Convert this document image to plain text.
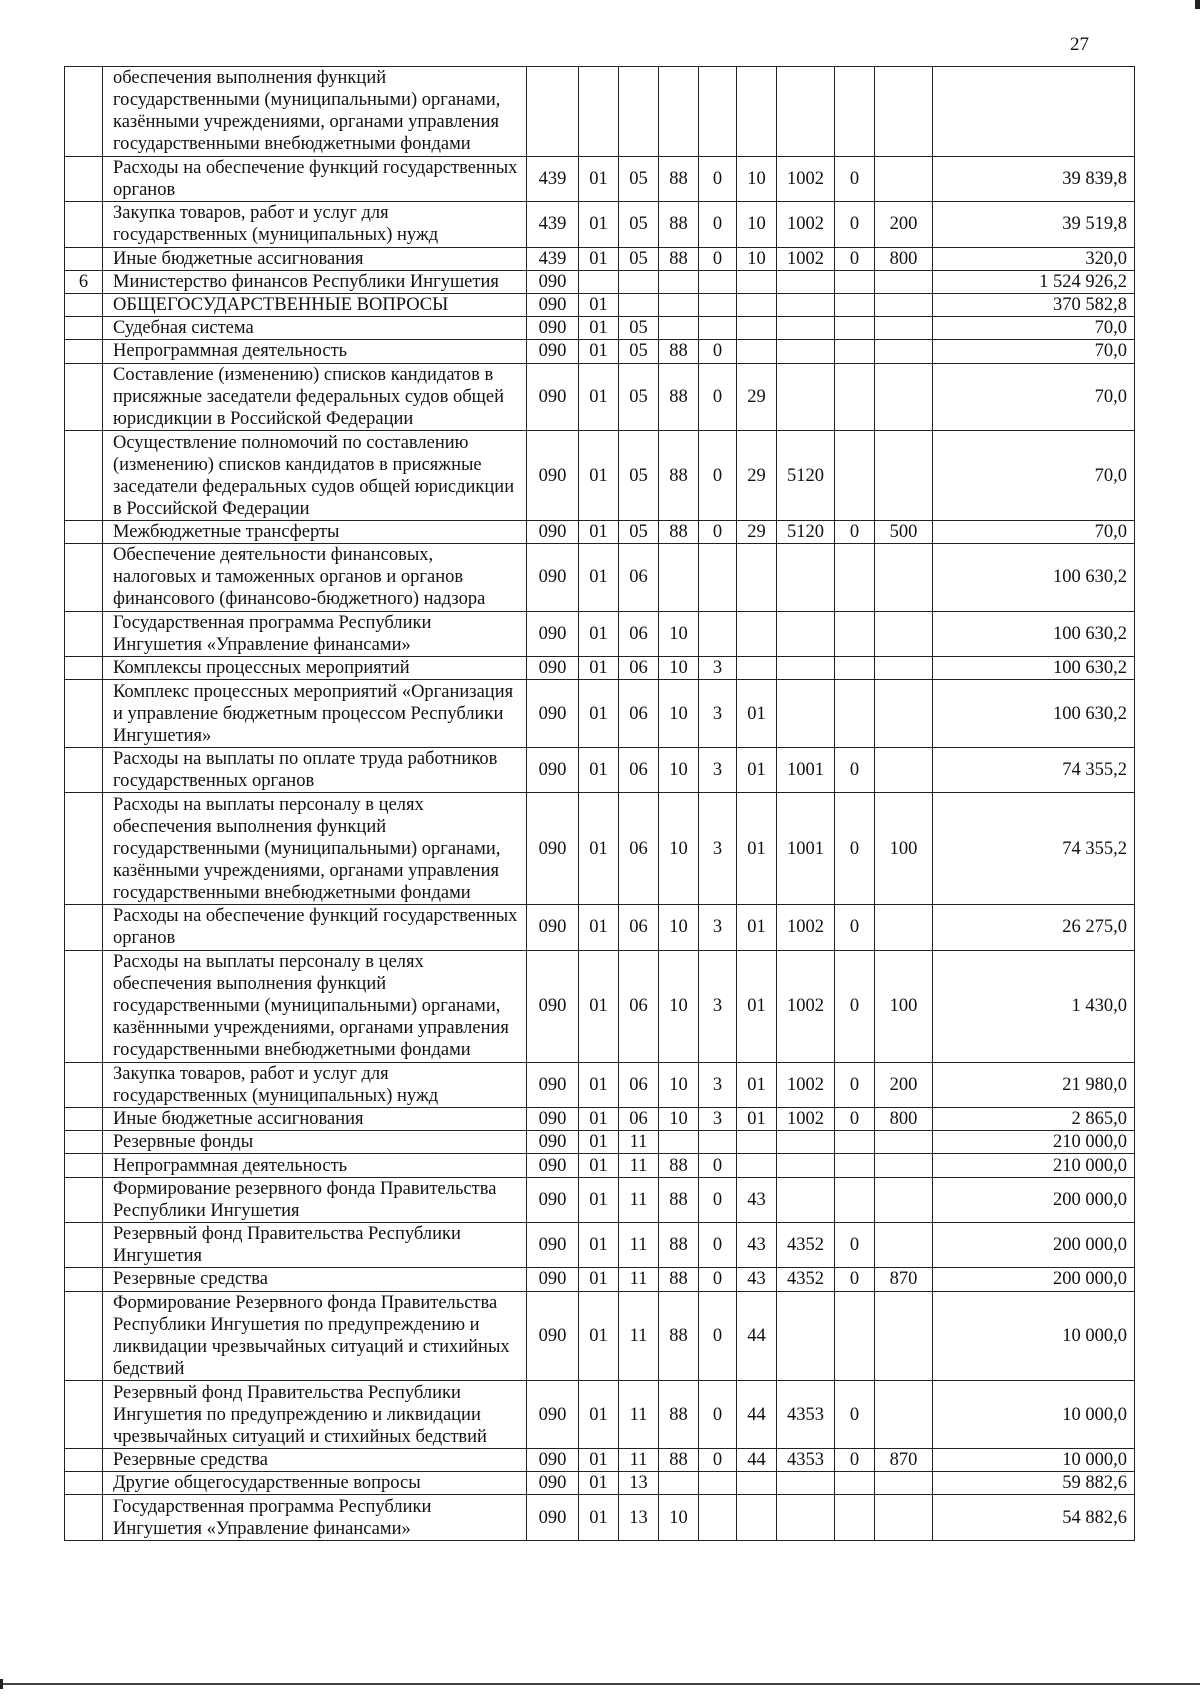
27
	обеспечения выполнения функций государственными (муниципальными) органами, казёнными учреждениями, органами управления государственными внебюджетными фондами										
	Расходы на обеспечение функций государственных органов	439	01	05	88	0	10	1002	0		39 839,8
	Закупка товаров, работ и услуг для государственных (муниципальных) нужд	439	01	05	88	0	10	1002	0	200	39 519,8
	Иные бюджетные ассигнования	439	01	05	88	0	10	1002	0	800	320,0
6	Министерство финансов Республики Ингушетия	090									1 524 926,2
	ОБЩЕГОСУДАРСТВЕННЫЕ ВОПРОСЫ	090	01								370 582,8
	Судебная система	090	01	05							70,0
	Непрограммная деятельность	090	01	05	88	0					70,0
	Составление (изменению) списков кандидатов в присяжные заседатели федеральных судов общей юрисдикции в Российской Федерации	090	01	05	88	0	29				70,0
	Осуществление полномочий по составлению (изменению) списков кандидатов в присяжные заседатели федеральных судов общей юрисдикции в Российской Федерации	090	01	05	88	0	29	5120			70,0
	Межбюджетные трансферты	090	01	05	88	0	29	5120	0	500	70,0
	Обеспечение деятельности финансовых, налоговых и таможенных органов и органов финансового (финансово-бюджетного) надзора	090	01	06							100 630,2
	Государственная программа Республики Ингушетия «Управление финансами»	090	01	06	10						100 630,2
	Комплексы процессных мероприятий	090	01	06	10	3					100 630,2
	Комплекс процессных мероприятий «Организация и управление бюджетным процессом Республики Ингушетия»	090	01	06	10	3	01				100 630,2
	Расходы на выплаты по оплате труда работников государственных органов	090	01	06	10	3	01	1001	0		74 355,2
	Расходы на выплаты персоналу в целях обеспечения выполнения функций государственными (муниципальными) органами, казёнными учреждениями, органами управления государственными внебюджетными фондами	090	01	06	10	3	01	1001	0	100	74 355,2
	Расходы на обеспечение функций государственных органов	090	01	06	10	3	01	1002	0		26 275,0
	Расходы на выплаты персоналу в целях обеспечения выполнения функций государственными (муниципальными) органами, казённными учреждениями, органами управления государственными внебюджетными фондами	090	01	06	10	3	01	1002	0	100	1 430,0
	Закупка товаров, работ и услуг для государственных (муниципальных) нужд	090	01	06	10	3	01	1002	0	200	21 980,0
	Иные бюджетные ассигнования	090	01	06	10	3	01	1002	0	800	2 865,0
	Резервные фонды	090	01	11							210 000,0
	Непрограммная деятельность	090	01	11	88	0					210 000,0
	Формирование резервного фонда Правительства Республики Ингушетия	090	01	11	88	0	43				200 000,0
	Резервный фонд Правительства Республики Ингушетия	090	01	11	88	0	43	4352	0		200 000,0
	Резервные средства	090	01	11	88	0	43	4352	0	870	200 000,0
	Формирование Резервного фонда Правительства Республики Ингушетия по предупреждению и ликвидации чрезвычайных ситуаций и стихийных бедствий	090	01	11	88	0	44				10 000,0
	Резервный фонд Правительства Республики Ингушетия по предупреждению и ликвидации чрезвычайных ситуаций и стихийных бедствий	090	01	11	88	0	44	4353	0		10 000,0
	Резервные средства	090	01	11	88	0	44	4353	0	870	10 000,0
	Другие общегосударственные вопросы	090	01	13							59 882,6
	Государственная программа Республики Ингушетия «Управление финансами»	090	01	13	10						54 882,6
